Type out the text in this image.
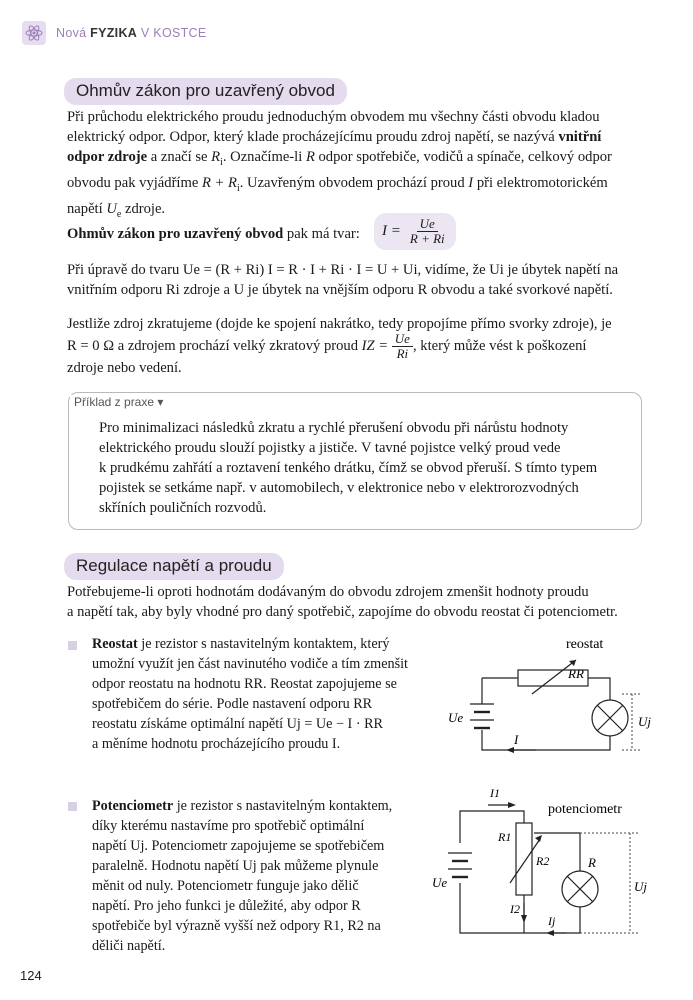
Nová FYZIKA V KOSTCE
Ohmův zákon pro uzavřený obvod
Při průchodu elektrického proudu jednoduchým obvodem mu všechny části obvodu kladou
elektrický odpor. Odpor, který klade procházejícímu proudu zdroj napětí, se nazývá vnitřní
odpor zdroje a značí se $R_i$. Označíme-li R odpor spotřebiče, vodičů a spínače, celkový odpor
obvodu pak vyjádříme $R + R_i$. Uzavřeným obvodem prochází proud I při elektromotorickém
napětí $U_e$ zdroje.
Ohmův zákon pro uzavřený obvod pak má tvar: $I = \frac{Ue}{R + Ri}$
Při úpravě do tvaru Ue = (R + Ri) I = R · I + Ri · I = U + Ui, vidíme, že Ui je úbytek napětí na
vnitřním odporu Ri zdroje a U je úbytek na vnějším odporu R obvodu a také svorkové napětí.
Jestliže zdroj zkratujeme (dojde ke spojení nakrátko, tedy propojíme přímo svorky zdroje), je
R = 0 Ω a zdrojem prochází velký zkratový proud
IZ =
$\frac{Ue}{Ri}$ , který může vést k poškození
zdroje nebo vedení.
Příklad z praxe ▾
Pro minimalizaci následků zkratu a rychlé přerušení obvodu při nárůstu hodnoty
elektrického proudu slouží pojistky a jističe. V tavné pojistce velký proud vede
k prudkému zahřátí a roztavení tenkého drátku, čímž se obvod přeruší. S tímto typem
pojistek se setkáme např. v automobilech, v elektronice nebo v elektrorozvodných
skříních pouličních rozvodů.
Regulace napětí a proudu
Potřebujeme-li oproti hodnotám dodávaným do obvodu zdrojem zmenšit hodnoty proudu
a napětí tak, aby byly vhodné pro daný spotřebič, zapojíme do obvodu reostat či potenciometr.
Reostat je rezistor s nastavitelným kontaktem, který
umožní využít jen část navinutého vodiče a tím zmenšit
odpor reostatu na hodnotu RR. Reostat zapojujeme se
spotřebičem do série. Podle nastavení odporu RR
reostatu získáme optimální napětí Uj = Ue − I · RR
a měníme hodnotu procházejícího proudu I.
reostat
RR
Uj
Ue
I
Potenciometr je rezistor s nastavitelným kontaktem,
díky kterému nastavíme pro spotřebič optimální
napětí Uj. Potenciometr zapojujeme se spotřebičem
paralelně. Hodnotu napětí Uj pak můžeme plynule
měnit od nuly. Potenciometr funguje jako dělič
napětí. Pro jeho funkci je důležité, aby odpor R
spotřebiče byl výrazně vyšší než odpory R1, R2 na
děliči napětí.
I1
potenciometr
Ue
R1
R2
I2
R
Ij
Uj
124
